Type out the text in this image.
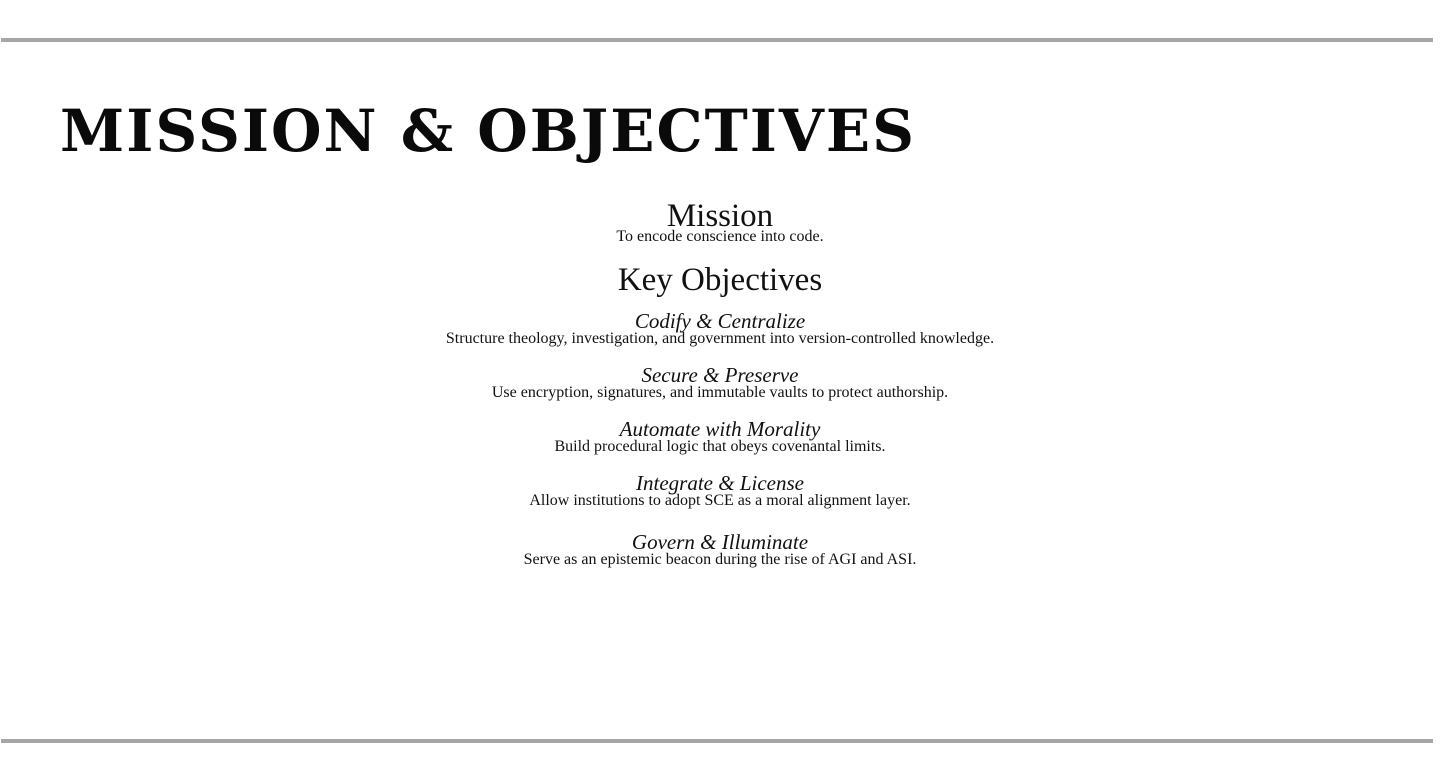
MISSION & OBJECTIVES
Mission
To encode conscience into code.
Key Objectives
Codify & Centralize
Structure theology, investigation, and government into version-controlled knowledge.
Secure & Preserve
Use encryption, signatures, and immutable vaults to protect authorship.
Automate with Morality
Build procedural logic that obeys covenantal limits.
Integrate & License
Allow institutions to adopt SCE as a moral alignment layer.
Govern & Illuminate
Serve as an epistemic beacon during the rise of AGI and ASI.
